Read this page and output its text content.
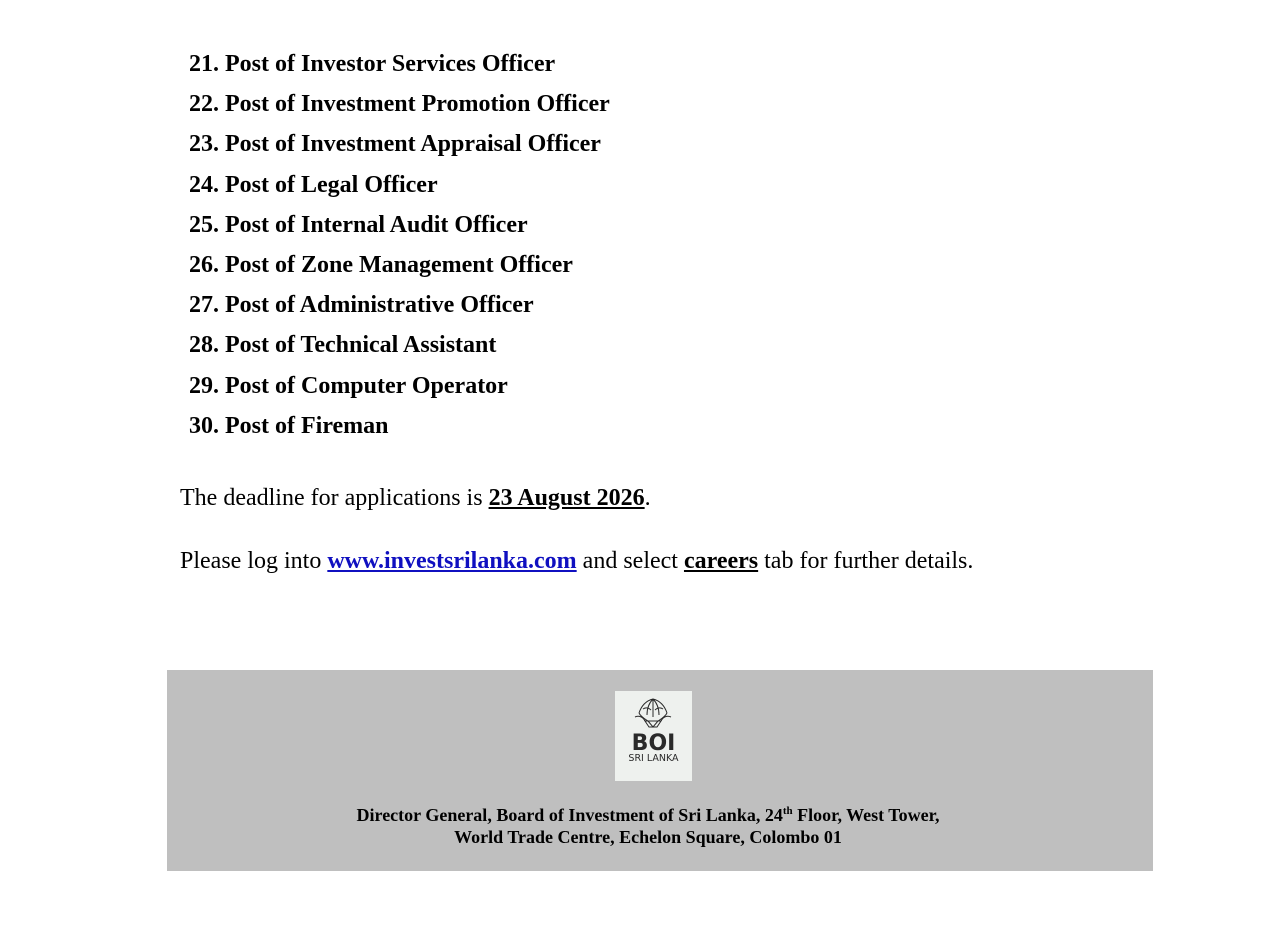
21. Post of Investor Services Officer
22. Post of Investment Promotion Officer
23. Post of Investment Appraisal Officer
24. Post of Legal Officer
25. Post of Internal Audit Officer
26. Post of Zone Management Officer
27. Post of Administrative Officer
28. Post of Technical Assistant
29. Post of Computer Operator
30. Post of Fireman

The deadline for applications is 23 August 2026.

Please log into www.investsrilanka.com and select careers tab for further details.

BOI
SRI LANKA

Director General, Board of Investment of Sri Lanka, 24th Floor, West Tower,
World Trade Centre, Echelon Square, Colombo 01
